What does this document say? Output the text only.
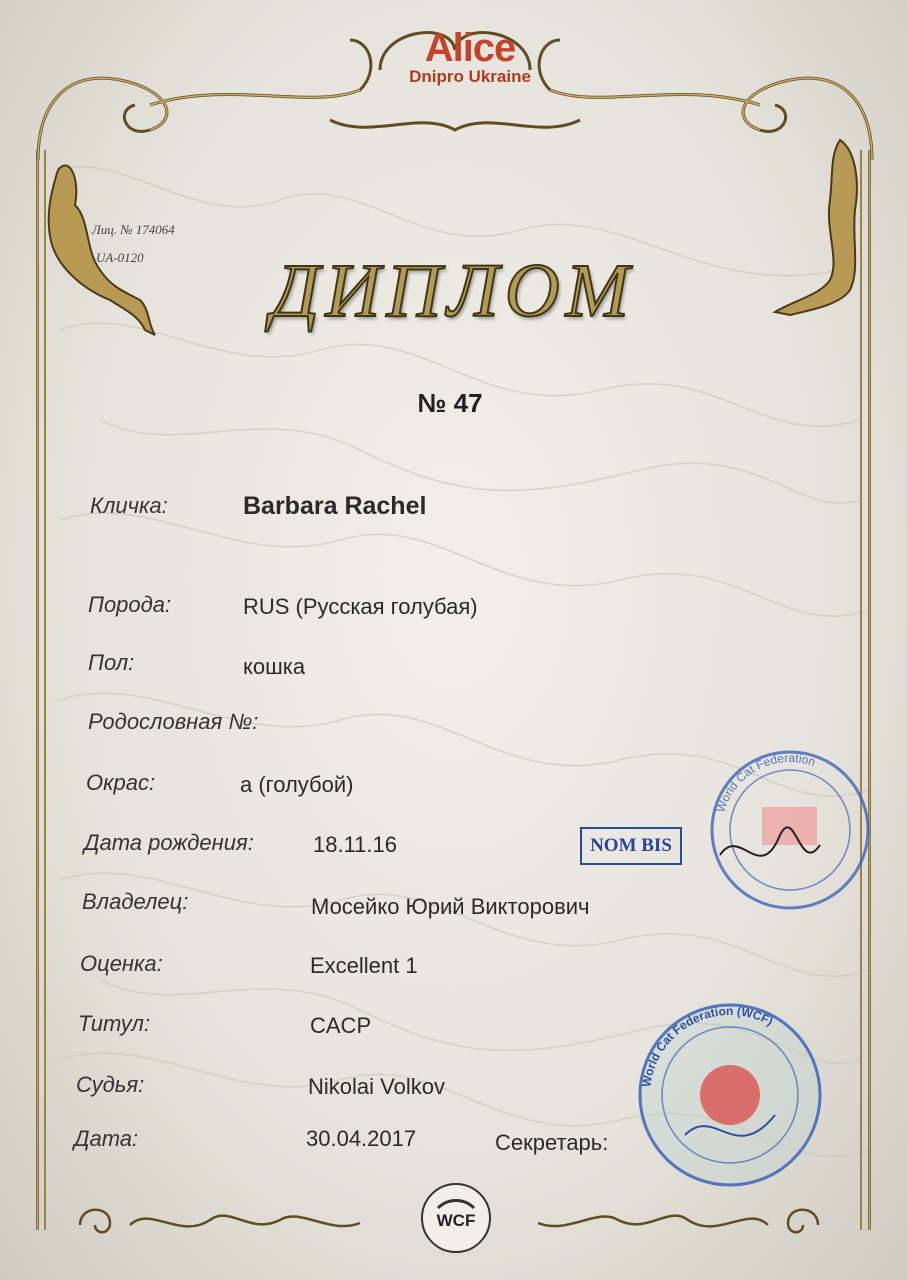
Alice
Dnipro Ukraine
Лиц. № 174064
UA-0120	ДИПЛОМ
№ 47
Кличка:	Barbara Rachel
Порода:	RUS (Русская голубая)
Пол:	кошка
Родословная №:
Окрас:	a (голубой)
Дата рождения:	18.11.16
Владелец:	Мосейко Юрий Викторович
Оценка:	Excellent 1
Титул:	CACP
Судья:	Nikolai Volkov
Дата:	30.04.2017	Секретарь:
NOM BIS
World Cat Federation
World Cat Federation (WCF)
WCF
